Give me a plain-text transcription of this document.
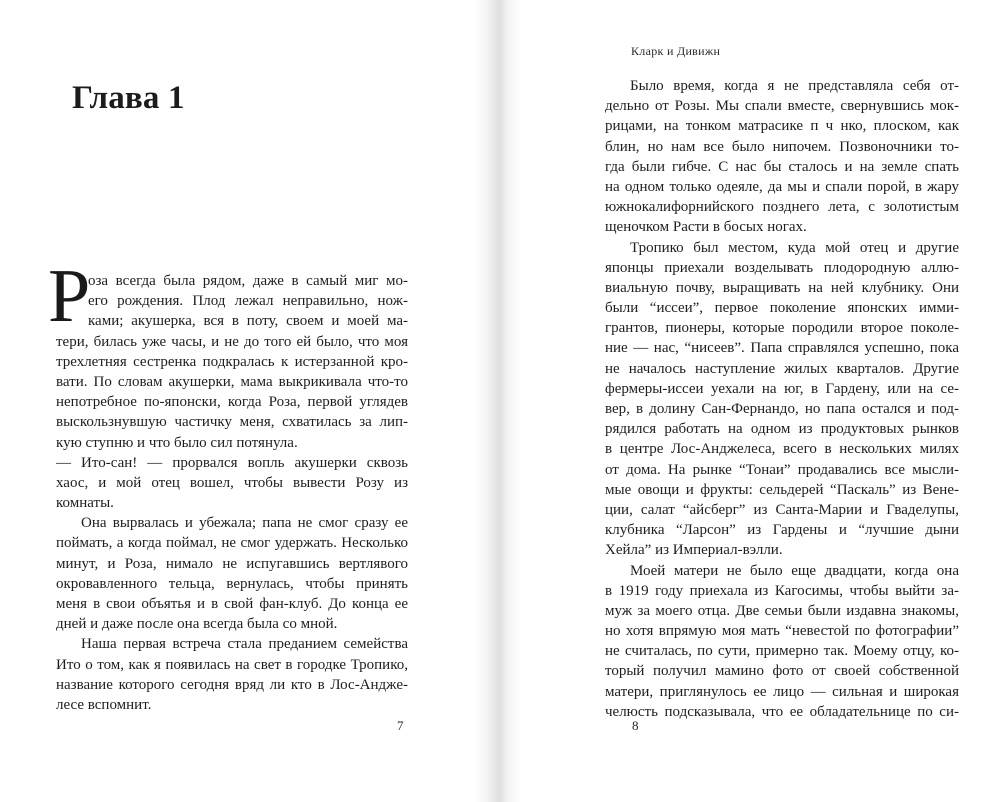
Глава 1
Р
оза всегда была рядом, даже в самый миг мо-
его рождения. Плод лежал неправильно, нож-
ками; акушерка, вся в поту, своем и моей ма-
тери, билась уже часы, и не до того ей было, что моя
трехлетняя сестренка подкралась к истерзанной кро-
вати. По словам акушерки, мама выкрикивала что-то
непотребное по-японски, когда Роза, первой углядев
выскользнувшую частичку меня, схватилась за лип-
кую ступню и что было сил потянула.
— Ито-сан! — прорвался вопль акушерки сквозь
хаос, и мой отец вошел, чтобы вывести Розу из
комнаты.
Она вырвалась и убежала; папа не смог сразу ее
поймать, а когда поймал, не смог удержать. Несколько
минут, и Роза, нимало не испугавшись вертлявого
окровавленного тельца, вернулась, чтобы принять
меня в свои объятья и в свой фан-клуб. До конца ее
дней и даже после она всегда была со мной.
Наша первая встреча стала преданием семейства
Ито о том, как я появилась на свет в городке Тропико,
название которого сегодня вряд ли кто в Лос-Андже-
лесе вспомнит.
7
Кларк и Дивижн
Было время, когда я не представляла себя от-
дельно от Розы. Мы спали вместе, свернувшись мок-
рицами, на тонком матрасике п ч нко, плоском, как
блин, но нам все было нипочем. Позвоночники то-
гда были гибче. С нас бы сталось и на земле спать
на одном только одеяле, да мы и спали порой, в жару
южнокалифорнийского позднего лета, с золотистым
щеночком Расти в босых ногах.
Тропико был местом, куда мой отец и другие
японцы приехали возделывать плодородную аллю-
виальную почву, выращивать на ней клубнику. Они
были “иссеи”, первое поколение японских имми-
грантов, пионеры, которые породили второе поколе-
ние — нас, “нисеев”. Папа справлялся успешно, пока
не началось наступление жилых кварталов. Другие
фермеры-иссеи уехали на юг, в Гардену, или на се-
вер, в долину Сан-Фернандо, но папа остался и под-
рядился работать на одном из продуктовых рынков
в центре Лос-Анджелеса, всего в нескольких милях
от дома. На рынке “Тонаи” продавались все мысли-
мые овощи и фрукты: сельдерей “Паскаль” из Вене-
ции, салат “айсберг” из Санта-Марии и Гваделупы,
клубника “Ларсон” из Гардены и “лучшие дыни
Хейла” из Империал-вэлли.
Моей матери не было еще двадцати, когда она
в 1919 году приехала из Кагосимы, чтобы выйти за-
муж за моего отца. Две семьи были издавна знакомы,
но хотя впрямую моя мать “невестой по фотографии”
не считалась, по сути, примерно так. Моему отцу, ко-
торый получил мамино фото от своей собственной
матери, приглянулось ее лицо — сильная и широкая
челюсть подсказывала, что ее обладательнице по си-
8
